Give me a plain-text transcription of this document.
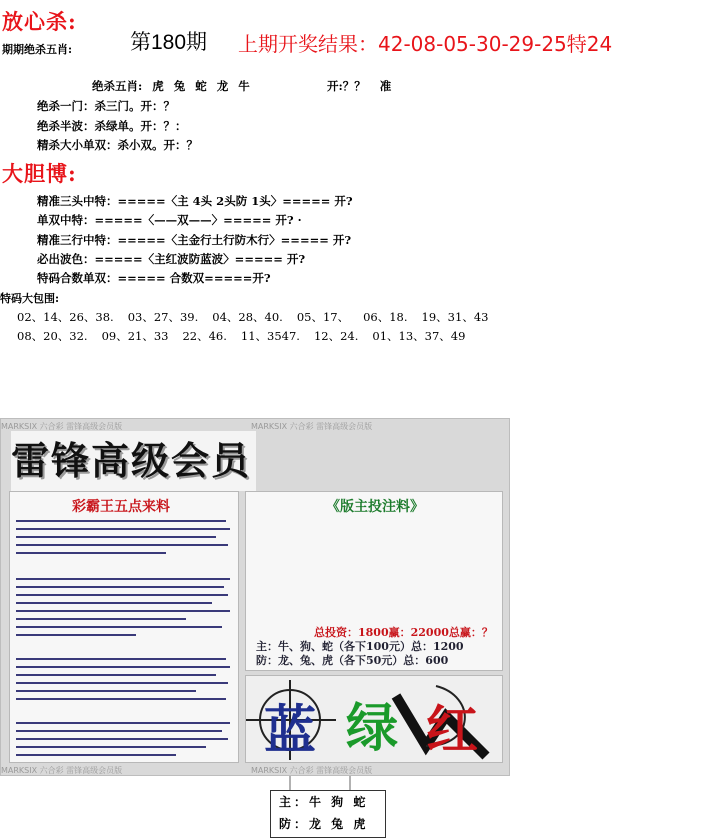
放心杀:
期期绝杀五肖:	第180期 上期开奖结果：42-08-05-30-29-25特24
绝杀五肖: 虎 兔 蛇 龙 牛	开:？？ 准
绝杀一门：杀三门。开：？
绝杀半波：杀绿单。开：？：
精杀大小单双：杀小双。开：？
大胆博:
精准三头中特：=====〈主 4头 2头防 1头〉===== 开?
单双中特：=====〈——双——〉===== 开? ·
精准三行中特：=====〈主金行土行防木行〉===== 开?
必出波色：=====〈主红波防蓝波〉===== 开?
特码合数单双：===== 合数双=====开?
特码大包围:
02、14、26、38. 03、27、39. 04、28、40. 05、17、 06、18. 19、31、43
08、20、32. 09、21、33 22、46. 11、3547. 12、24. 01、13、37、49
MARKSIX 六合彩 雷锋高级会员版	MARKSIX 六合彩 雷锋高级会员版
MARKSIX 六合彩 雷锋高级会员版	MARKSIX 六合彩 雷锋高级会员版
雷锋高级会员
彩霸王五点来料	《版主投注料》
总投资：1800赢：22000总赢：？
主：牛、狗、蛇（各下100元）总：1200
防：龙、兔、虎（各下50元）总：600
蓝 绿 红
主：牛 狗 蛇
防：龙 兔 虎
